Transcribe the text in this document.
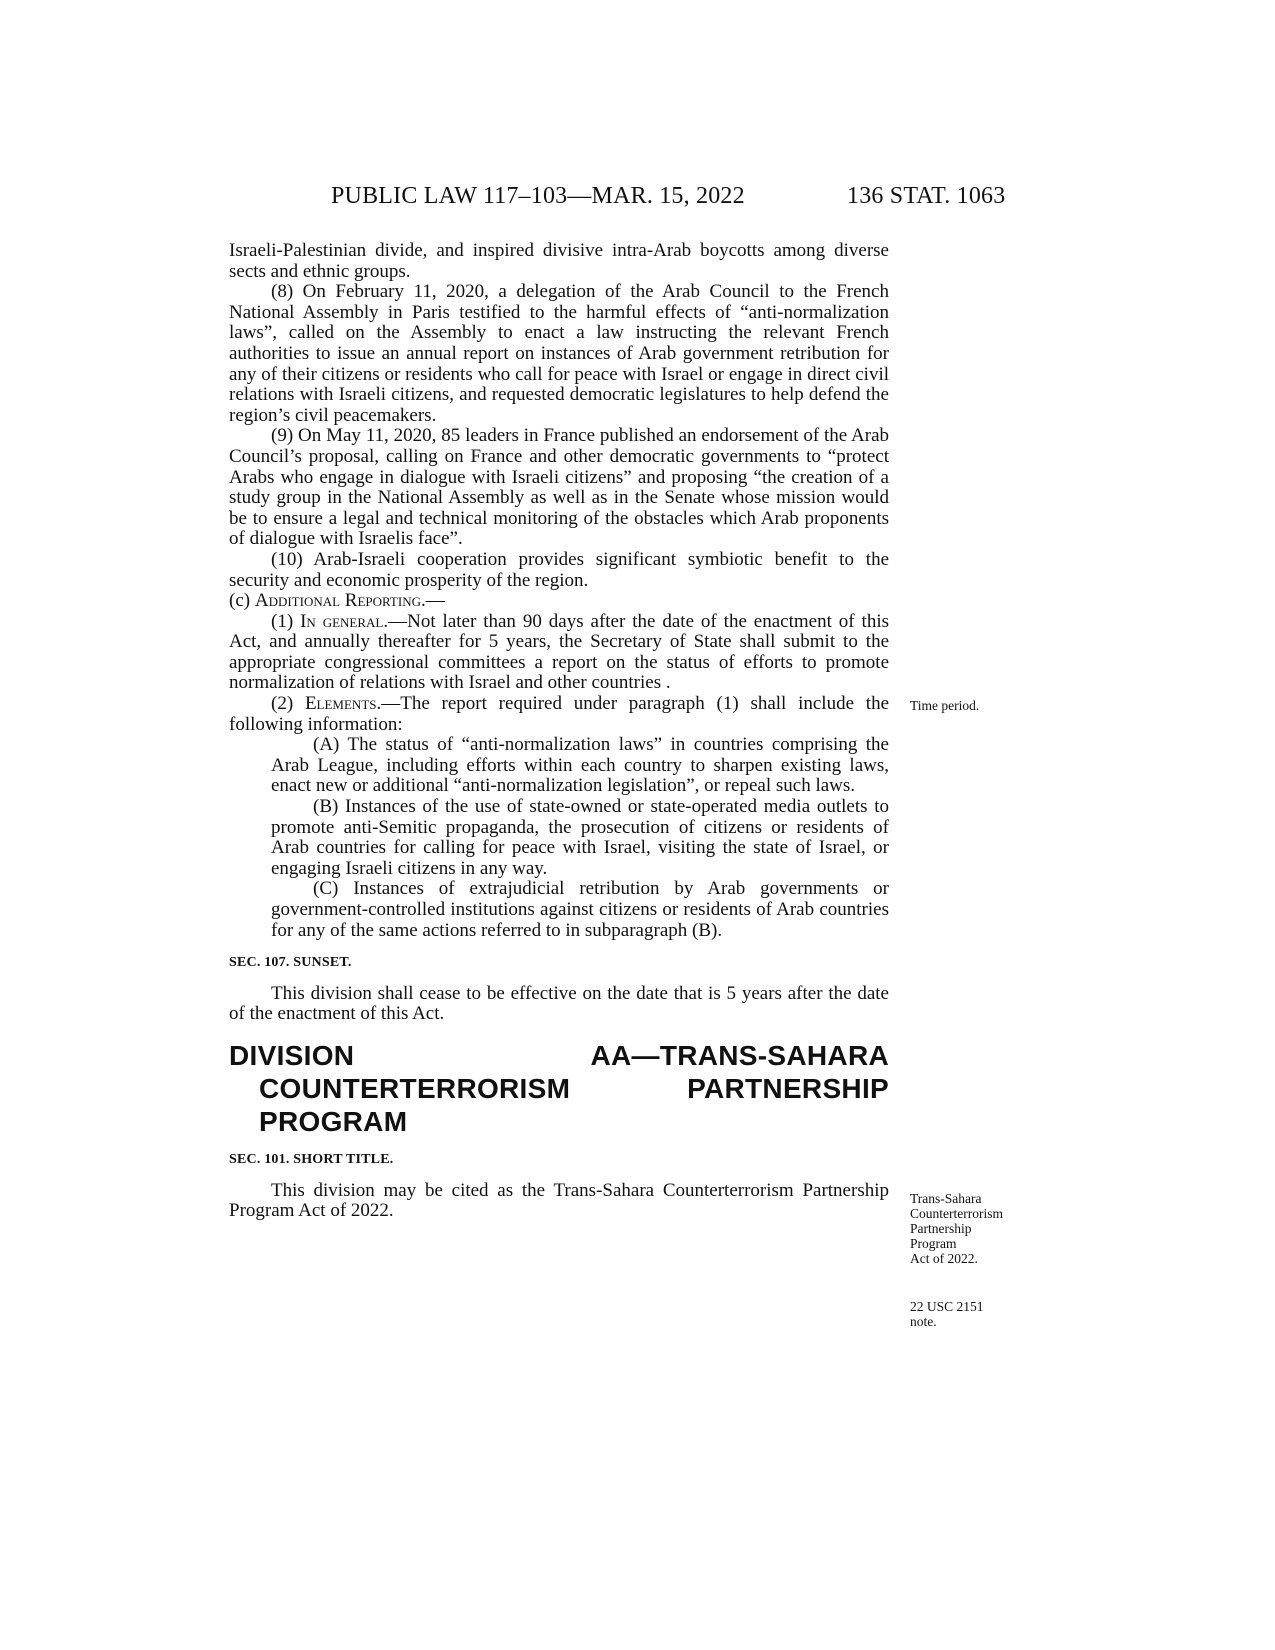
PUBLIC LAW 117–103—MAR. 15, 2022	136 STAT. 1063

Israeli-Palestinian divide, and inspired divisive intra-Arab boycotts among diverse sects and ethnic groups.

(8) On February 11, 2020, a delegation of the Arab Council to the French National Assembly in Paris testified to the harmful effects of “anti-normalization laws”, called on the Assembly to enact a law instructing the relevant French authorities to issue an annual report on instances of Arab government retribution for any of their citizens or residents who call for peace with Israel or engage in direct civil relations with Israeli citizens, and requested democratic legislatures to help defend the region’s civil peacemakers.

(9) On May 11, 2020, 85 leaders in France published an endorsement of the Arab Council’s proposal, calling on France and other democratic governments to “protect Arabs who engage in dialogue with Israeli citizens” and proposing “the creation of a study group in the National Assembly as well as in the Senate whose mission would be to ensure a legal and technical monitoring of the obstacles which Arab proponents of dialogue with Israelis face”.

(10) Arab-Israeli cooperation provides significant symbiotic benefit to the security and economic prosperity of the region.

(c) Additional Reporting.—

(1) In general.—Not later than 90 days after the date of the enactment of this Act, and annually thereafter for 5 years, the Secretary of State shall submit to the appropriate congressional committees a report on the status of efforts to promote normalization of relations with Israel and other countries .

(2) Elements.—The report required under paragraph (1) shall include the following information:

(A) The status of “anti-normalization laws” in countries comprising the Arab League, including efforts within each country to sharpen existing laws, enact new or additional “anti-normalization legislation”, or repeal such laws.

(B) Instances of the use of state-owned or state-operated media outlets to promote anti-Semitic propaganda, the prosecution of citizens or residents of Arab countries for calling for peace with Israel, visiting the state of Israel, or engaging Israeli citizens in any way.

(C) Instances of extrajudicial retribution by Arab governments or government-controlled institutions against citizens or residents of Arab countries for any of the same actions referred to in subparagraph (B).

SEC. 107. SUNSET.

This division shall cease to be effective on the date that is 5 years after the date of the enactment of this Act.

DIVISION	AA—TRANS-SAHARA
COUNTERTERRORISM PARTNERSHIP PROGRAM

SEC. 101. SHORT TITLE.

This division may be cited as the Trans-Sahara Counterterrorism Partnership Program Act of 2022.

Time period.
Trans-Sahara
Counterterrorism
Partnership
Program
Act of 2022.
22 USC 2151
note.
